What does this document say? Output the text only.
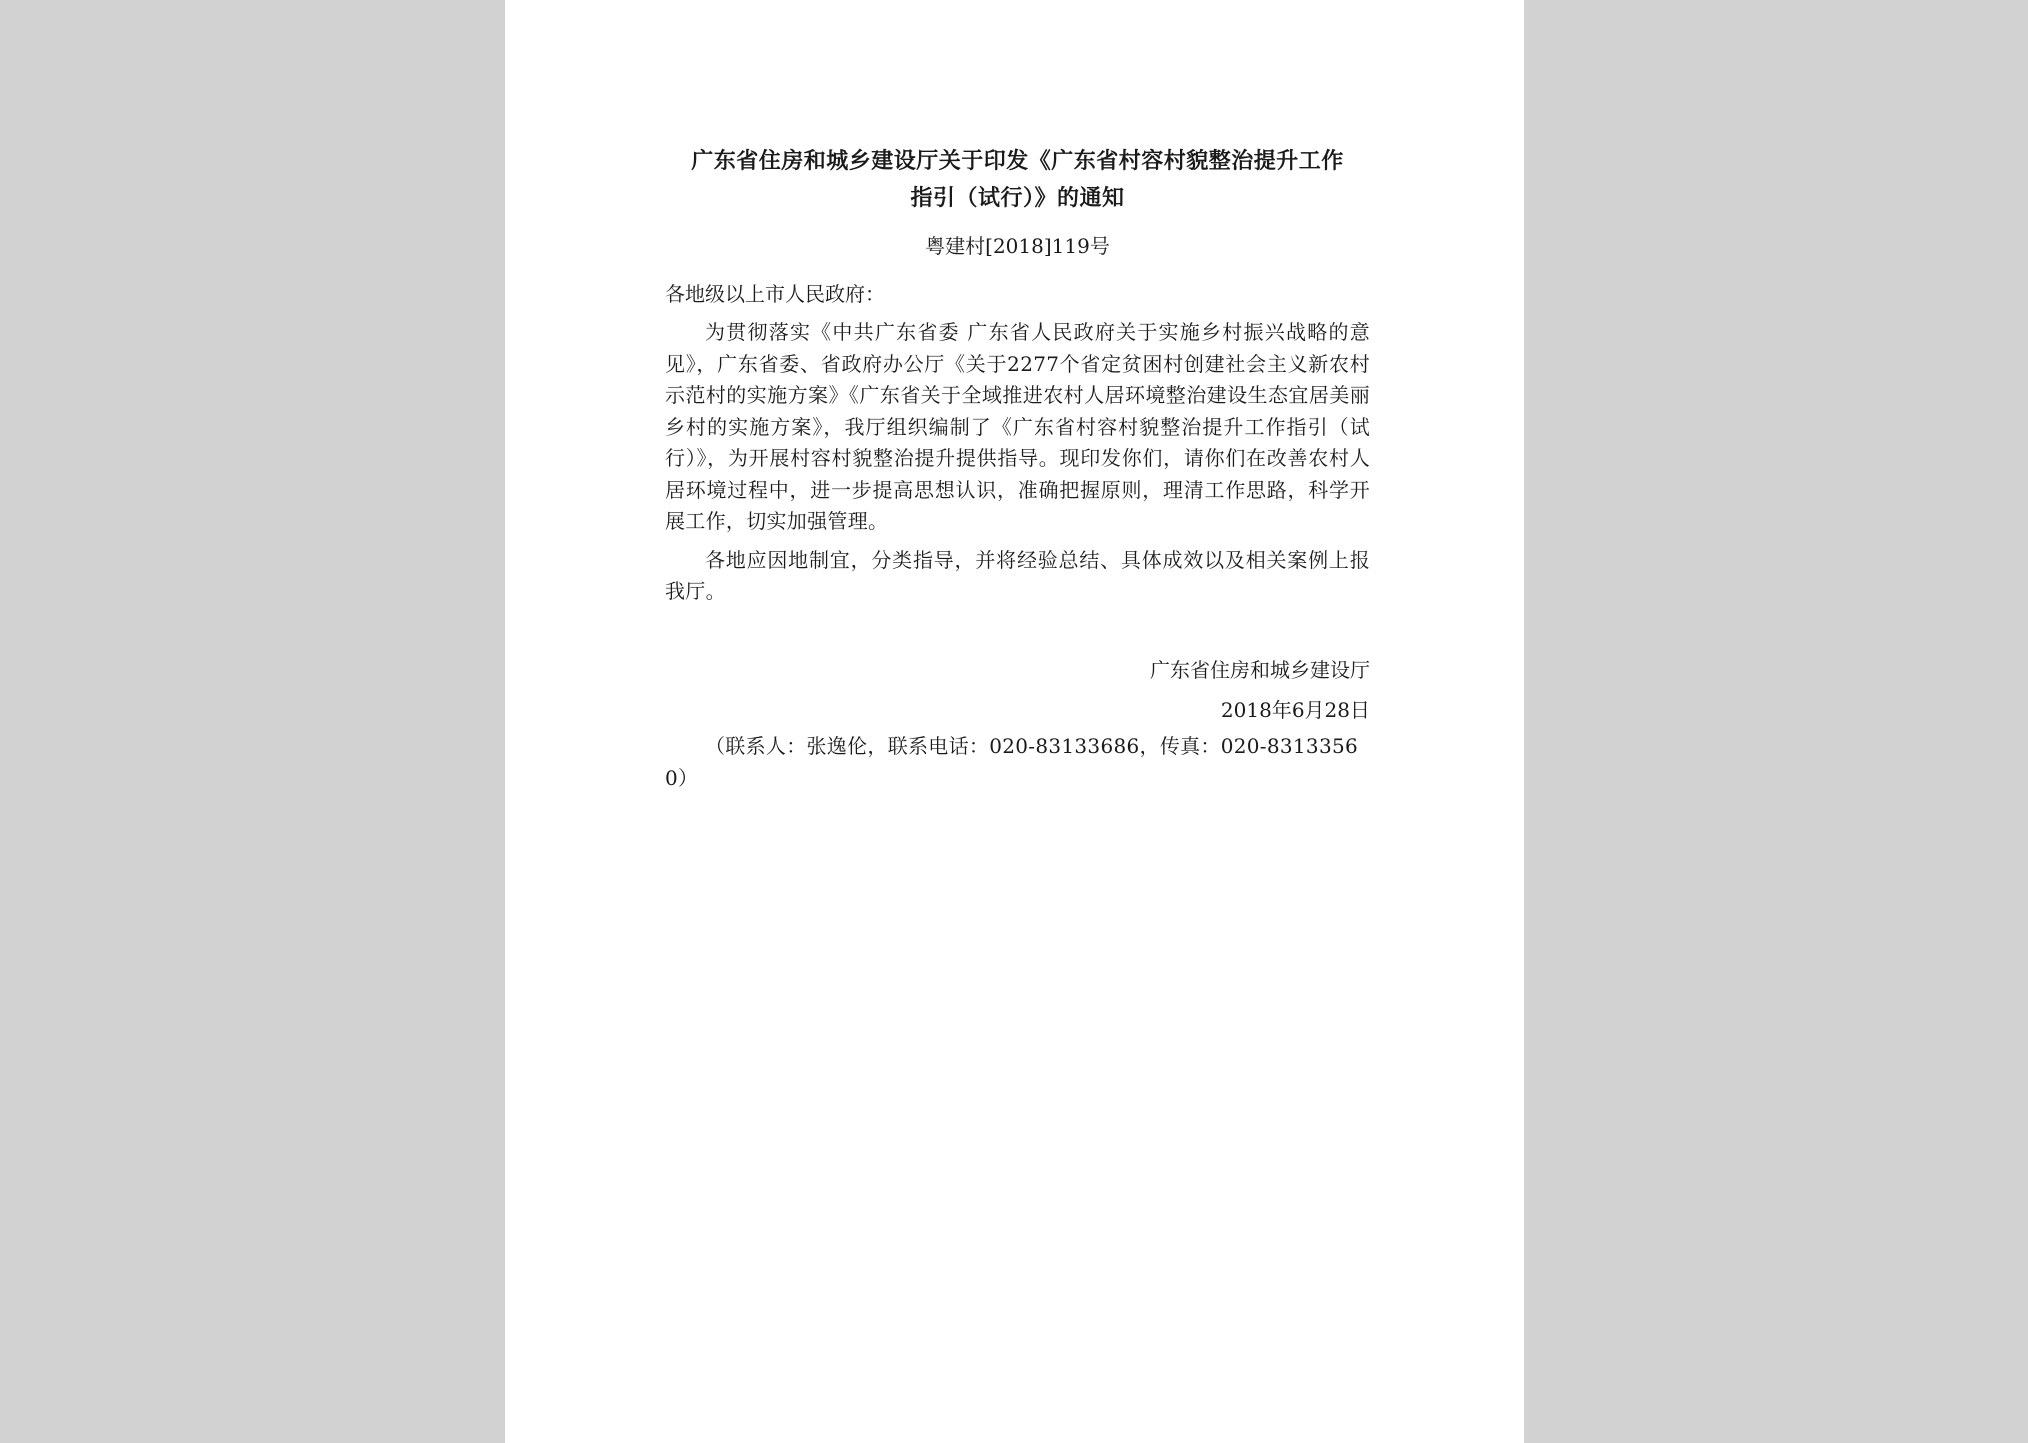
广东省住房和城乡建设厅关于印发《广东省村容村貌整治提升工作
指引（试行）》的通知
粤建村[2018]119号
各地级以上市人民政府：

为贯彻落实《中共广东省委 广东省人民政府关于实施乡村振兴战略的意见》，广东省委、省政府办公厅《关于2277个省定贫困村创建社会主义新农村示范村的实施方案》《广东省关于全域推进农村人居环境整治建设生态宜居美丽乡村的实施方案》，我厅组织编制了《广东省村容村貌整治提升工作指引（试行）》，为开展村容村貌整治提升提供指导。现印发你们，请你们在改善农村人居环境过程中，进一步提高思想认识，准确把握原则，理清工作思路，科学开展工作，切实加强管理。

各地应因地制宜，分类指导，并将经验总结、具体成效以及相关案例上报我厅。

广东省住房和城乡建设厅
2018年6月28日
（联系人：张逸伦，联系电话：020-83133686，传真：020-83133560）
